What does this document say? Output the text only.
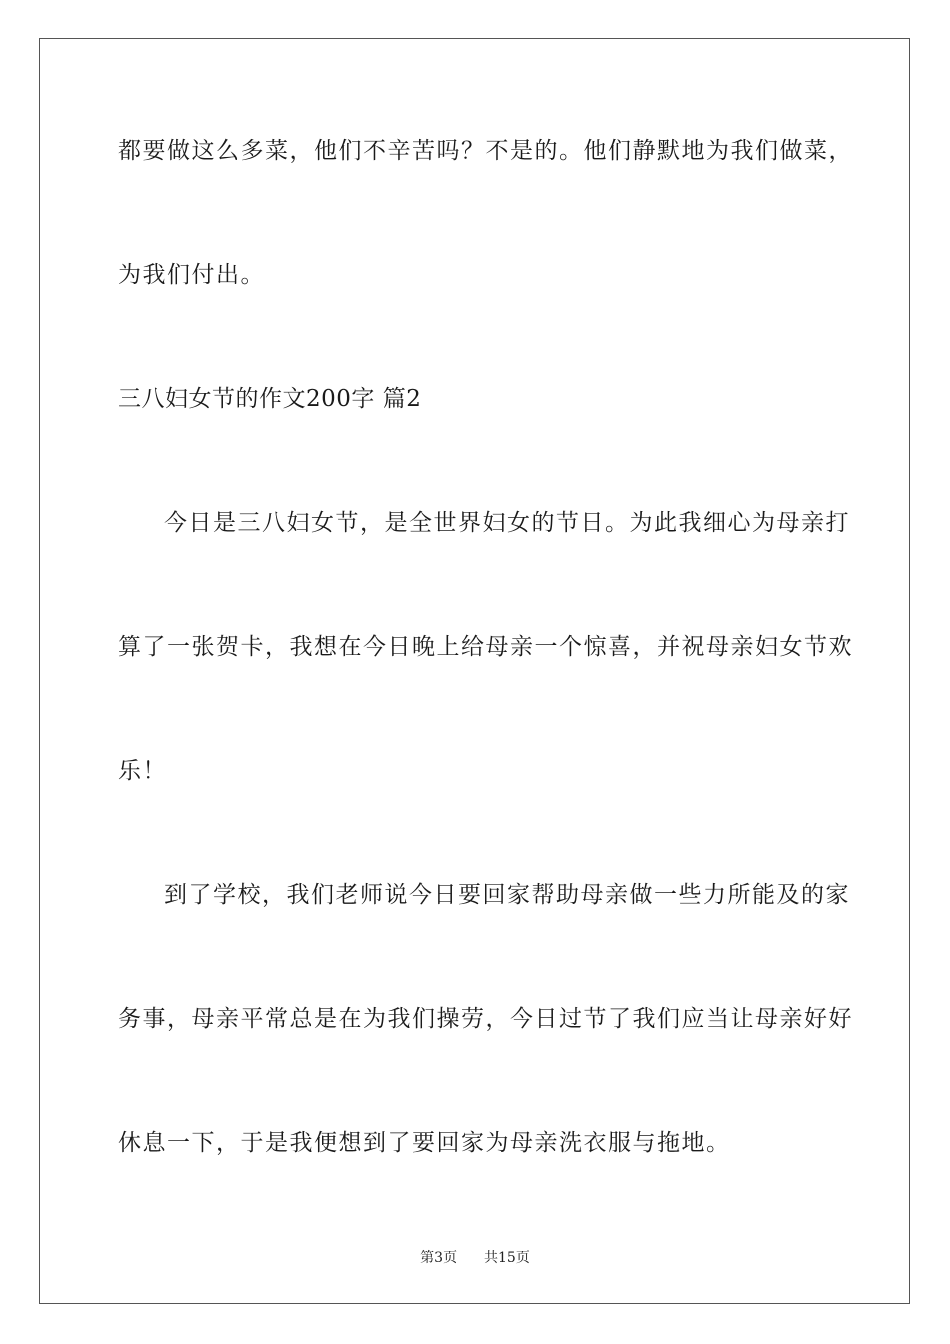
都要做这么多菜，他们不辛苦吗？不是的。他们静默地为我们做菜，
为我们付出。
三八妇女节的作文200字 篇2
今日是三八妇女节，是全世界妇女的节日。为此我细心为母亲打
算了一张贺卡，我想在今日晚上给母亲一个惊喜，并祝母亲妇女节欢
乐！
到了学校，我们老师说今日要回家帮助母亲做一些力所能及的家
务事，母亲平常总是在为我们操劳，今日过节了我们应当让母亲好好
休息一下，于是我便想到了要回家为母亲洗衣服与拖地。
第3页 共15页
